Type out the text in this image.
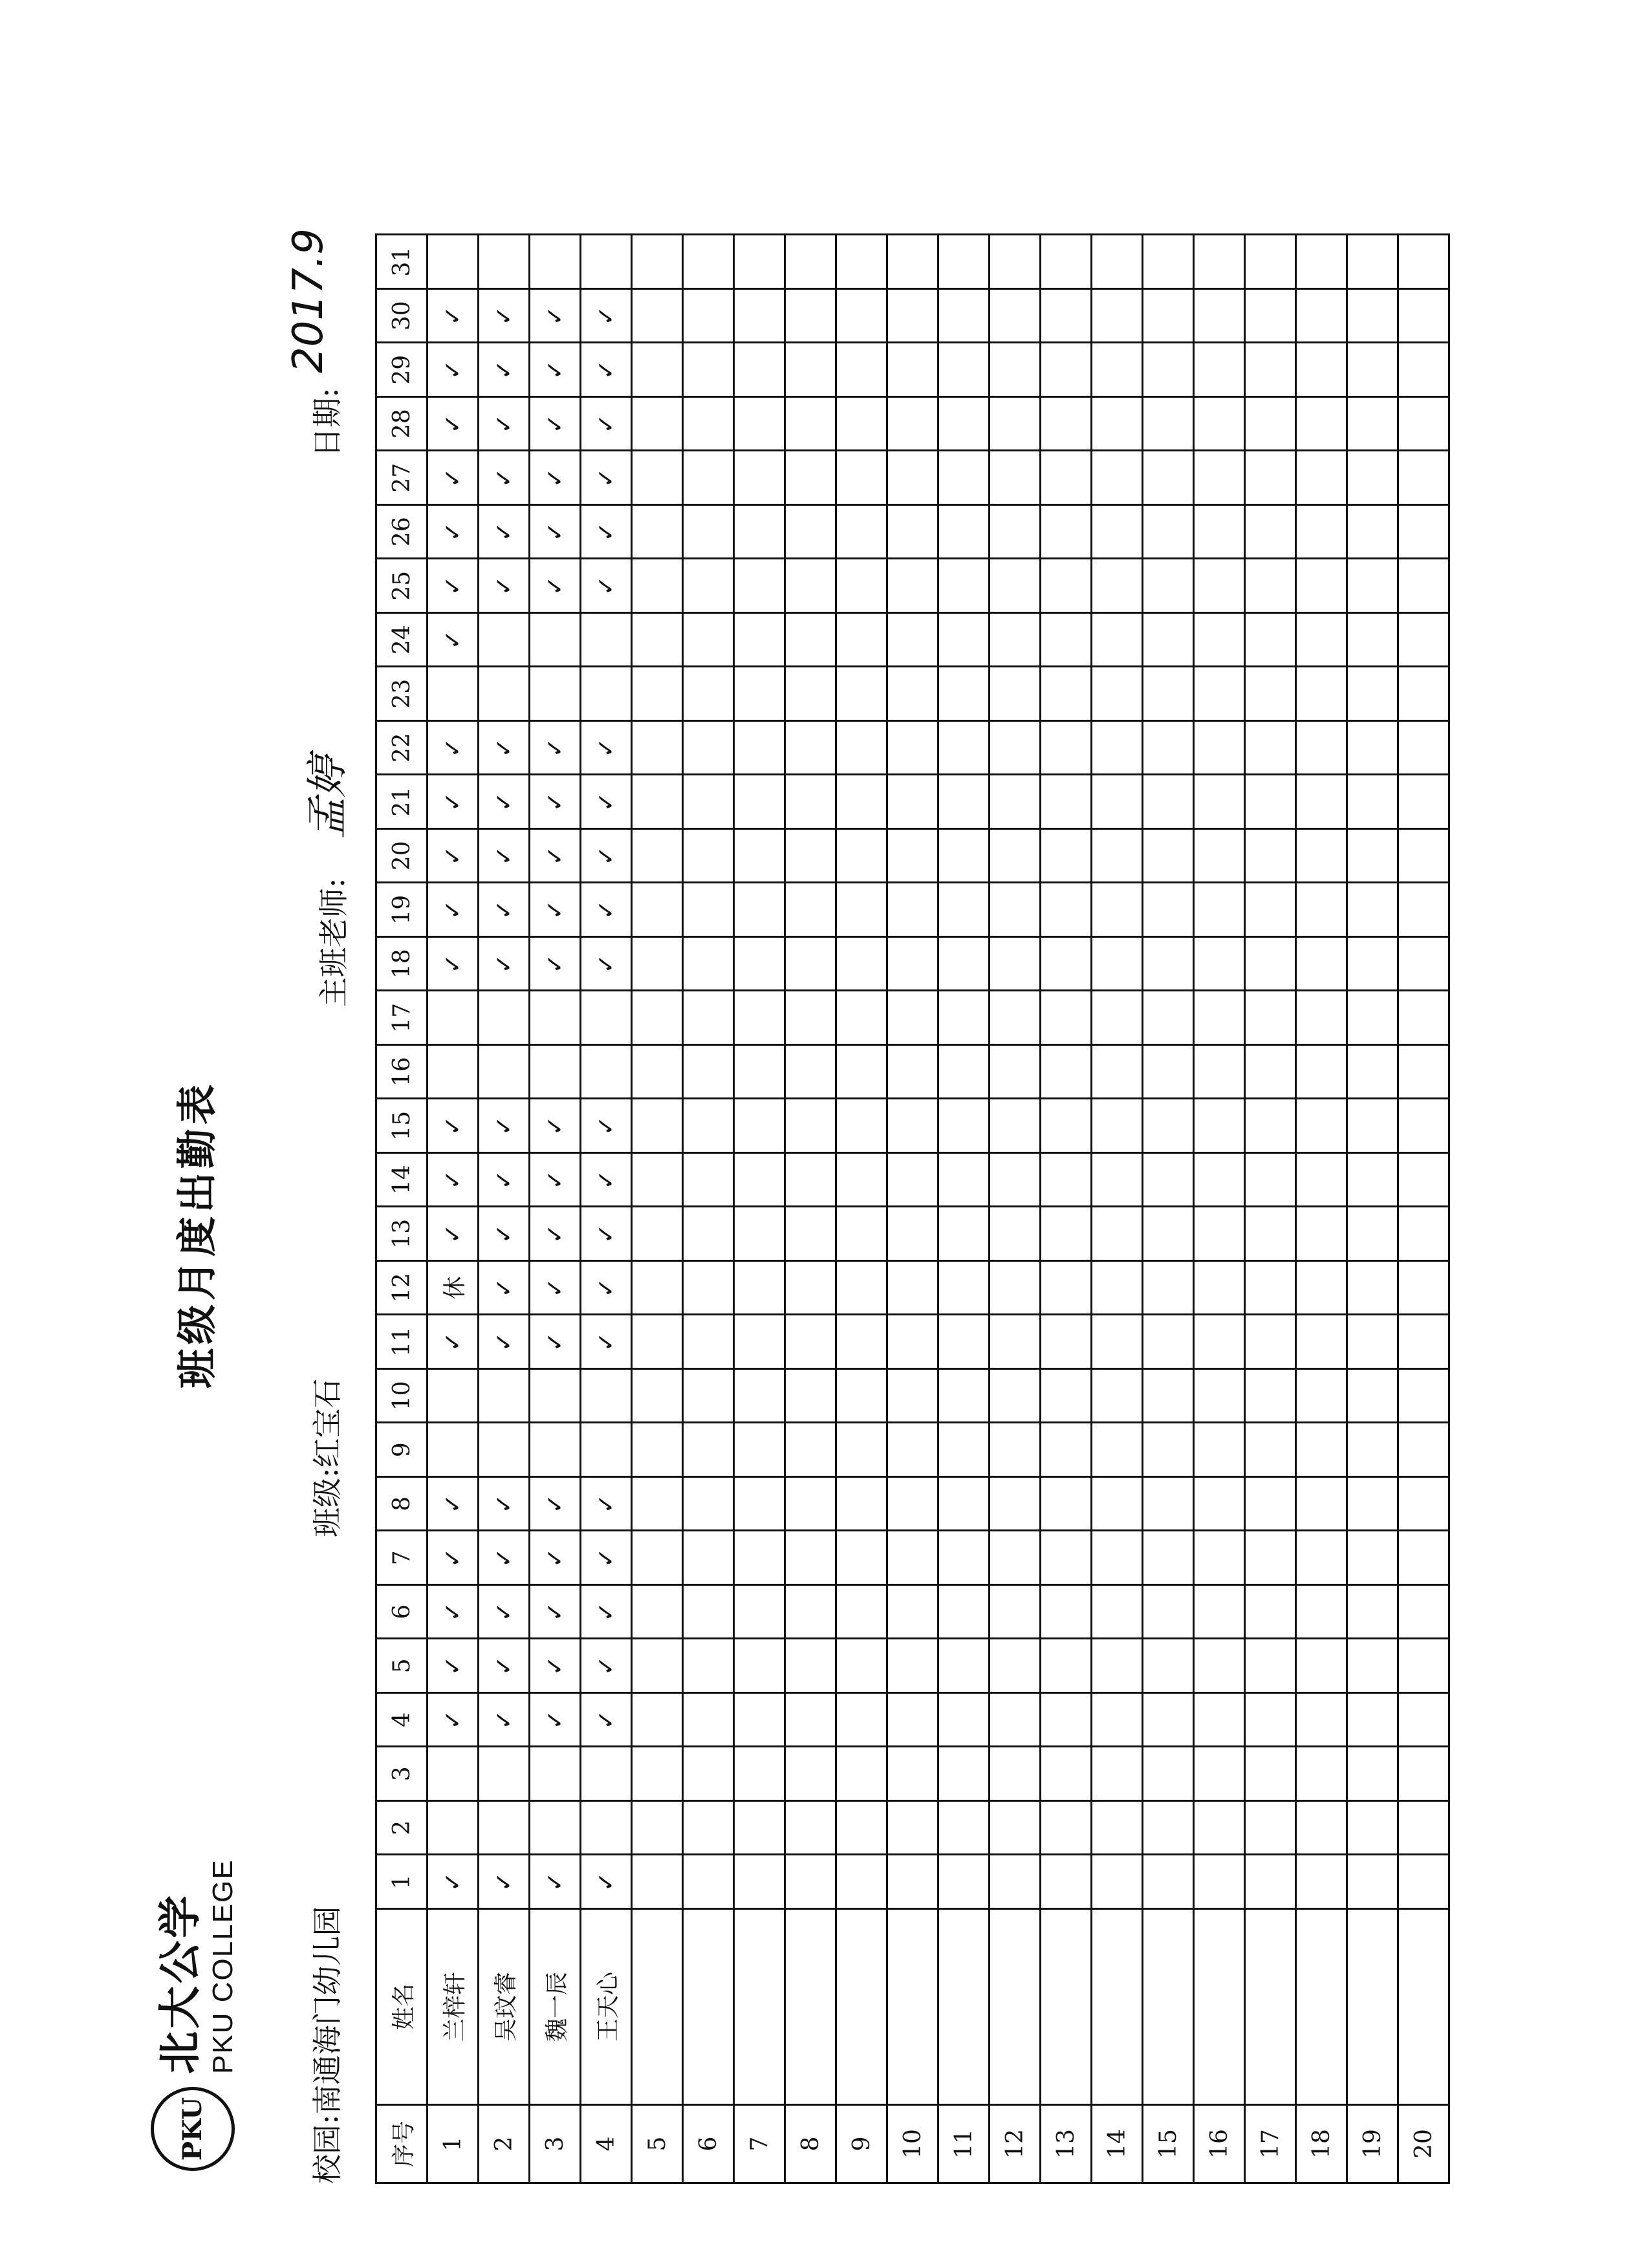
PKU
北大公学 PKU COLLEGE
班级月度出勤表
校园:南通海门幼儿园
班级:红宝石
主班老师:
孟婷
日期:
2017.9
序号	姓名	1	2	3	4	5	6	7	8	9	10	11	12	13	14	15	16	17	18	19	20	21	22	23	24	25	26	27	28	29	30	31
1	兰梓轩	✓			✓	✓	✓	✓	✓			✓	休	✓	✓	✓			✓	✓	✓	✓	✓		✓	✓	✓	✓	✓	✓	✓	
2	吴玟睿	✓			✓	✓	✓	✓	✓			✓	✓	✓	✓	✓			✓	✓	✓	✓	✓			✓	✓	✓	✓	✓	✓	
3	魏一辰	✓			✓	✓	✓	✓	✓			✓	✓	✓	✓	✓			✓	✓	✓	✓	✓			✓	✓	✓	✓	✓	✓	
4	王天心	✓			✓	✓	✓	✓	✓			✓	✓	✓	✓	✓			✓	✓	✓	✓	✓			✓	✓	✓	✓	✓	✓	
5																																
6																																
7																																
8																																
9																																
10																																
11																																
12																																
13																																
14																																
15																																
16																																
17																																
18																																
19																																
20																																
